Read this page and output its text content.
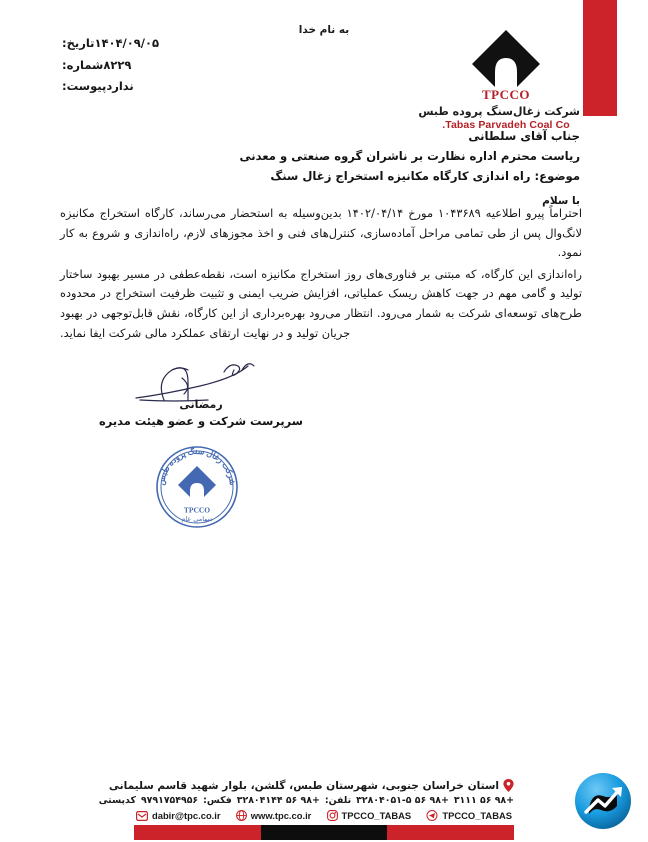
به نام خدا
۱۴۰۴/۰۹/۰۵تاریخ:
۸۲۲۹شماره:
نداردپیوست:
TPCCO
شرکت زغال‌سنگ پروده طبس
Tabas Parvadeh Coal Co.
جناب آقای سلطانی
ریاست محترم اداره نظارت بر ناشران گروه صنعتی و معدنی
موضوع: راه اندازی کارگاه مکانیزه استخراج زغال سنگ
با سلام

احتراماً پیرو اطلاعیه ۱۰۴۳۶۸۹ مورخ ۱۴۰۲/۰۴/۱۴ بدین‌وسیله به استحضار می‌رساند، کارگاه استخراج مکانیزه لانگ‌وال پس از طی تمامی مراحل آماده‌سازی، کنترل‌های فنی و اخذ مجوزهای لازم، راه‌اندازی و شروع به کار نمود.

راه‌اندازی این کارگاه، که مبتنی بر فناوری‌های روز استخراج مکانیزه است، نقطه‌عطفی در مسیر بهبود ساختار تولید و گامی مهم در جهت کاهش ریسک عملیاتی، افزایش ضریب ایمنی و تثبیت ظرفیت استخراج در محدوده طرح‌های توسعه‌ای شرکت به شمار می‌رود. انتظار می‌رود بهره‌برداری از این کارگاه، نقش قابل‌توجهی در بهبود جریان تولید و در نهایت ارتقای عملکرد مالی شرکت ایفا نماید.

رمضانی
سرپرست شرکت و عضو هیئت مدیره
شرکت زغال سنگ پروده طبس
TPCCO
سهامی عام
استان خراسان جنوبی، شهرستان طبس، گلشن، بلوار شهید قاسم سلیمانی
+۹۸ ۵۶ ۳۱۱۱
+۹۸ ۵۶ ۳۲۸۰۴۰۵۱-۵
تلفن:
+۹۸ ۵۶ ۳۲۸۰۴۱۴۴
فکس:
۹۷۹۱۷۵۴۹۵۶
کدپستی
dabir@tpc.co.ir	www.tpc.co.ir	TPCCO_TABAS	TPCCO_TABAS
